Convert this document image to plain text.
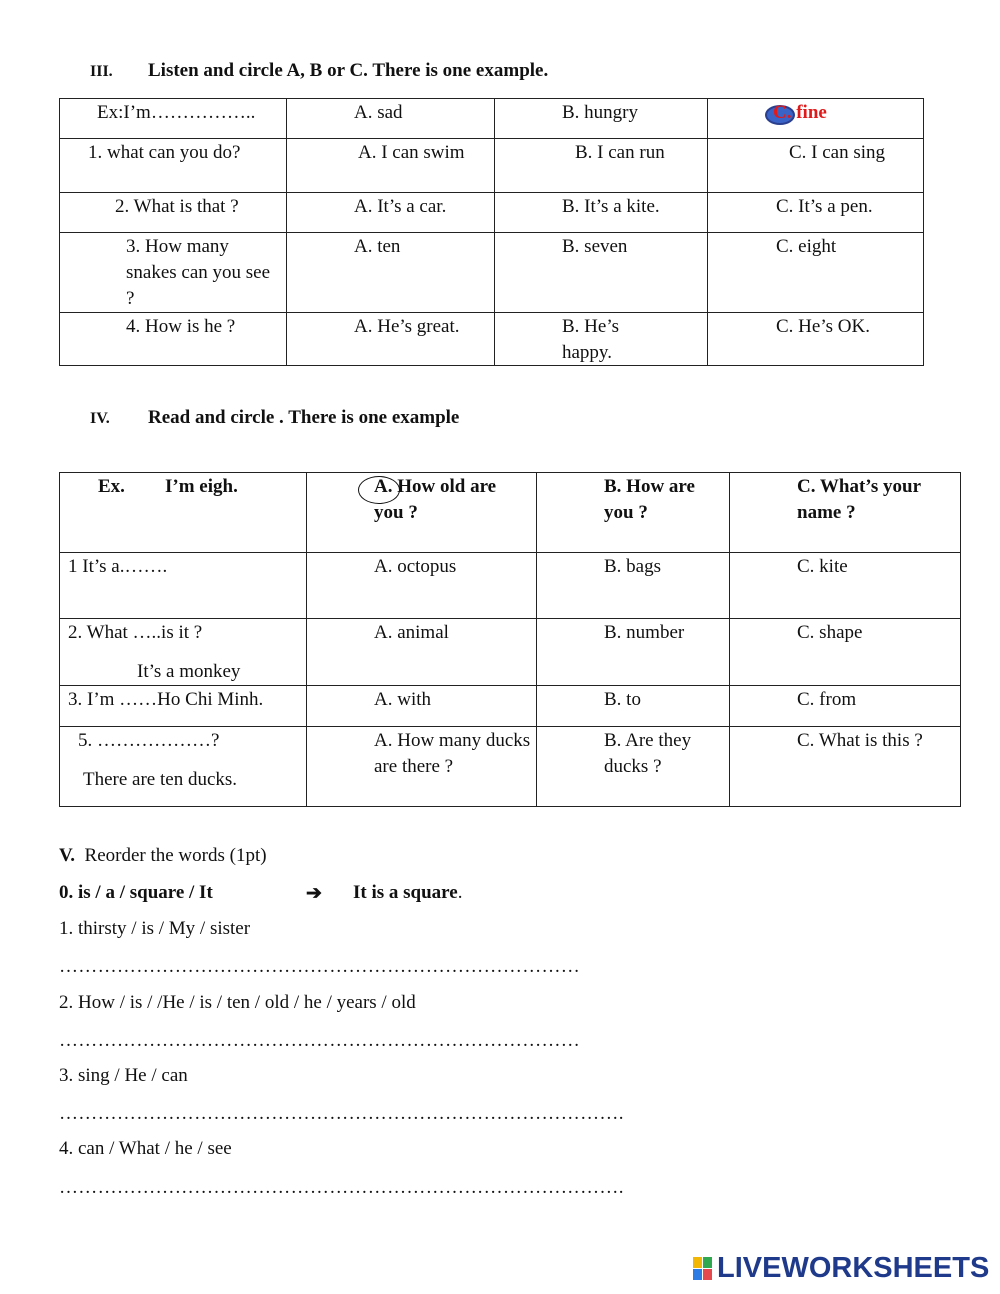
III. Listen and circle A, B or C. There is one example.
Ex:I’m……………..	A. sad	B. hungry	C. fine

1. what can you do?	A. I can swim	B. I can run	C. I can sing

2. What is that ?	A. It’s a car.	B. It’s a kite.	C. It’s a pen.

3. How many snakes can you see ?	A. ten	B. seven	C. eight

4. How is he ?	A. He’s great.	B. He’s happy.	C. He’s OK.
IV. Read and circle . There is one example
Ex. I’m eigh.	A. How old are you ?	B. How are you ?	C. What’s your name ?

1 It’s a.…….	A. octopus	B. bags	C. kite

2. What …..is it ?
It’s a monkey	A. animal	B. number	C. shape

3. I’m ……Ho Chi Minh.	A. with	B. to	C. from

5. ………………?
There are ten ducks.	A. How many ducks are there ?	B. Are they ducks ?	C. What is this ?
V. Reorder the words (1pt)
0. is / a / square / It	➔ It is a square.
1. thirsty / is / My / sister
………………………………………………………………………
2. How / is / /He / is / ten / old / he / years / old
………………………………………………………………………
3. sing / He / can
…………………………………………………………………………….
4. can / What / he / see
…………………………………………………………………………….
LIVEWORKSHEETS
